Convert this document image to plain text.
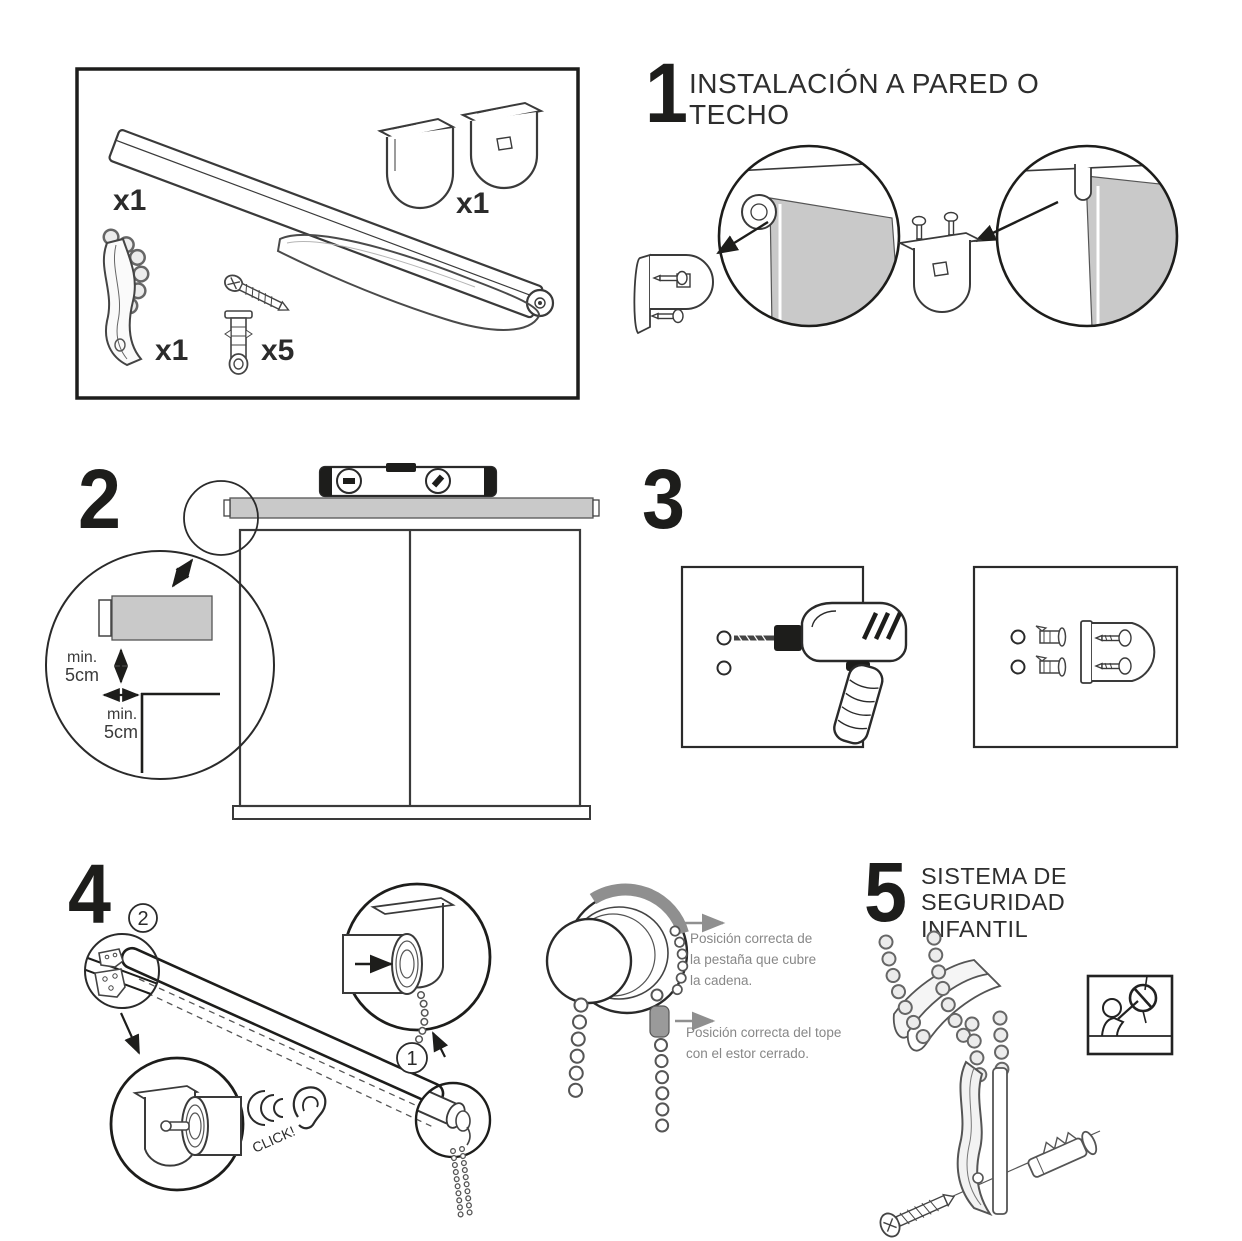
x1	x1
x1 x5
1 INSTALACIÓN A PARED O TECHO
2
min.
5cm
min.
5cm
3
4 2
CLICK!
1
Posición correcta de
la pestaña que cubre
la cadena.
Posición correcta del tope
con el estor cerrado.
5 SISTEMA DE SEGURIDAD
INFANTIL
